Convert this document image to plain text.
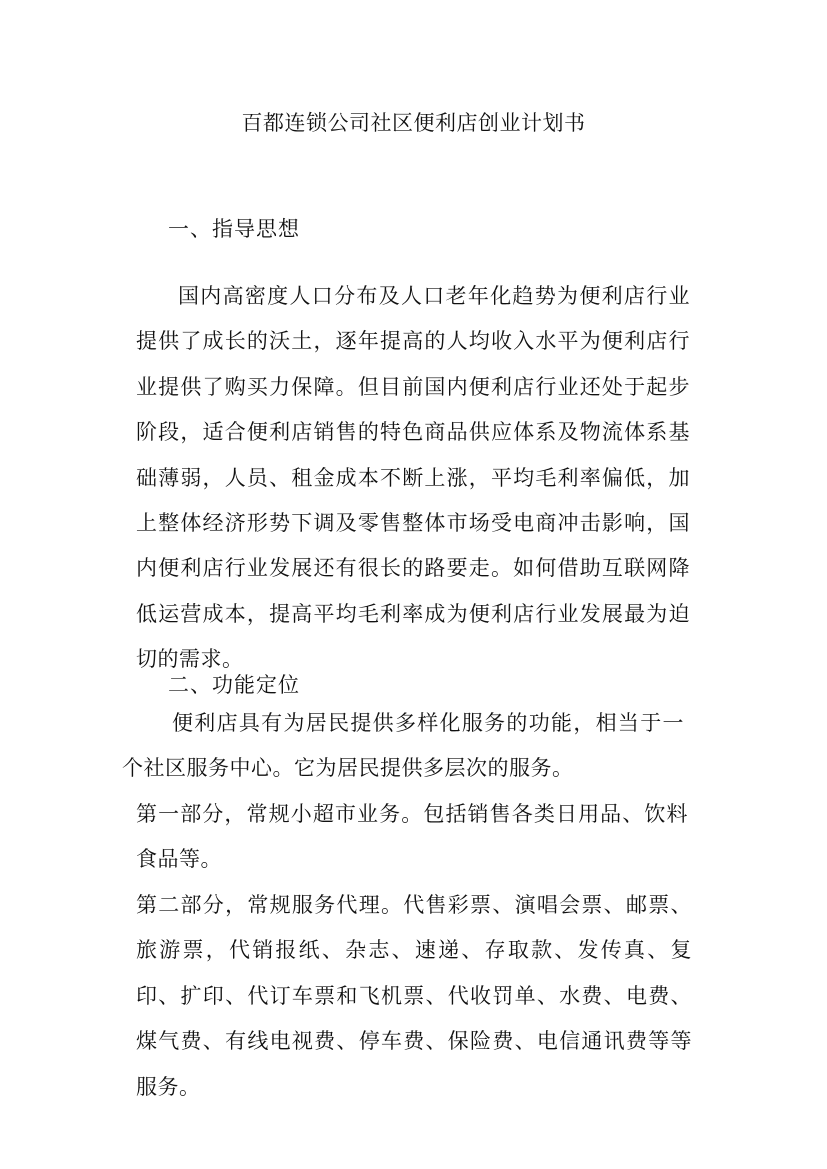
百都连锁公司社区便利店创业计划书
一、指导思想

国内高密度人口分布及人口老年化趋势为便利店行业提供了成长的沃土，逐年提高的人均收入水平为便利店行业提供了购买力保障。但目前国内便利店行业还处于起步阶段，适合便利店销售的特色商品供应体系及物流体系基础薄弱，人员、租金成本不断上涨，平均毛利率偏低，加上整体经济形势下调及零售整体市场受电商冲击影响，国内便利店行业发展还有很长的路要走。如何借助互联网降低运营成本，提高平均毛利率成为便利店行业发展最为迫切的需求。

二、功能定位

便利店具有为居民提供多样化服务的功能，相当于一个社区服务中心。它为居民提供多层次的服务。

第一部分，常规小超市业务。包括销售各类日用品、饮料食品等。

第二部分，常规服务代理。代售彩票、演唱会票、邮票、旅游票，代销报纸、杂志、速递、存取款、发传真、复印、扩印、代订车票和飞机票、代收罚单、水费、电费、煤气费、有线电视费、停车费、保险费、电信通讯费等等服务。
